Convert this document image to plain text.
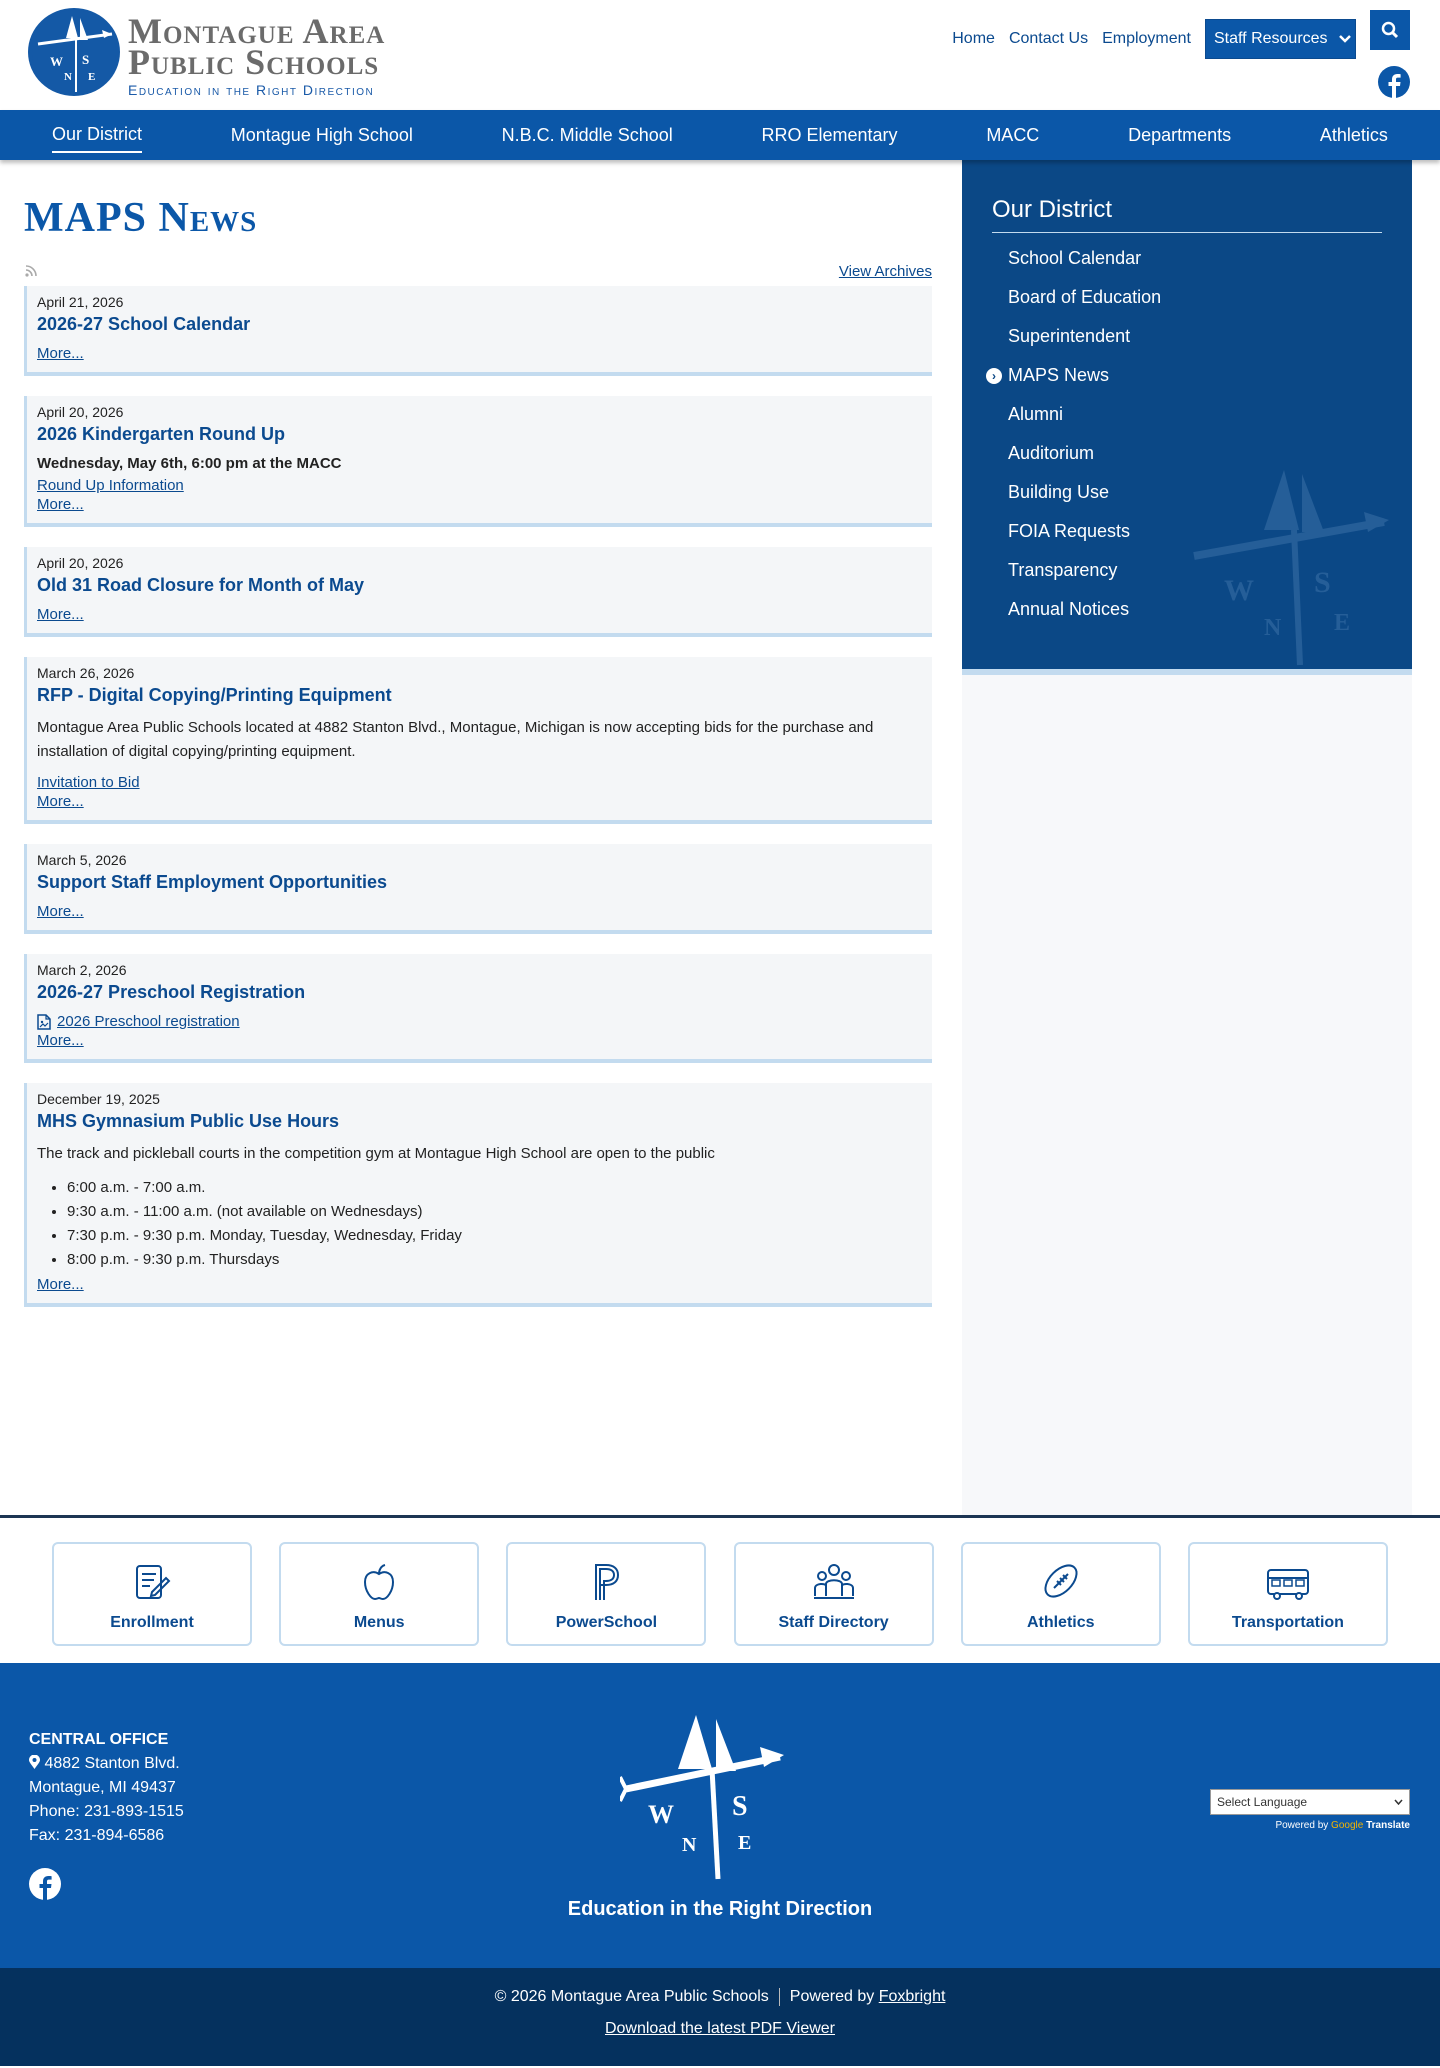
W S
N E
Montague Area
Public Schools
Education in the Right Direction
Home Contact Us Employment Staff Resources
Our District	Montague High School	N.B.C. Middle School	RRO Elementary	MACC	Departments	Athletics
MAPS News
View Archives
April 21, 2026
2026-27 School Calendar
More...
April 20, 2026
2026 Kindergarten Round Up
Wednesday, May 6th, 6:00 pm at the MACC
Round Up Information
More...
April 20, 2026
Old 31 Road Closure for Month of May
More...
March 26, 2026
RFP - Digital Copying/Printing Equipment

Montague Area Public Schools located at 4882 Stanton Blvd., Montague, Michigan is now accepting bids for the purchase and installation of digital copying/printing equipment.

Invitation to Bid
More...
March 5, 2026
Support Staff Employment Opportunities
More...
March 2, 2026
2026-27 Preschool Registration
2026 Preschool registration
More...
December 19, 2025
MHS Gymnasium Public Use Hours

The track and pickleball courts in the competition gym at Montague High School are open to the public

• 6:00 a.m. - 7:00 a.m.
• 9:30 a.m. - 11:00 a.m. (not available on Wednesdays)
• 7:30 p.m. - 9:30 p.m. Monday, Tuesday, Wednesday, Friday
• 8:00 p.m. - 9:30 p.m. Thursdays
More...
W S
N E
Our District
School Calendar
Board of Education
Superintendent
› MAPS News
Alumni
Auditorium
Building Use
FOIA Requests
Transparency
Annual Notices
Enrollment	Menus	PowerSchool	Staff Directory	Athletics	Transportation
CENTRAL OFFICE
4882 Stanton Blvd.
Montague, MI 49437
Phone: 231-893-1515
Fax: 231-894-6586
W S
N E
Education in the Right Direction
Select Language
Powered by Google Translate
© 2026 Montague Area Public Schools Powered by Foxbright
Download the latest PDF Viewer
